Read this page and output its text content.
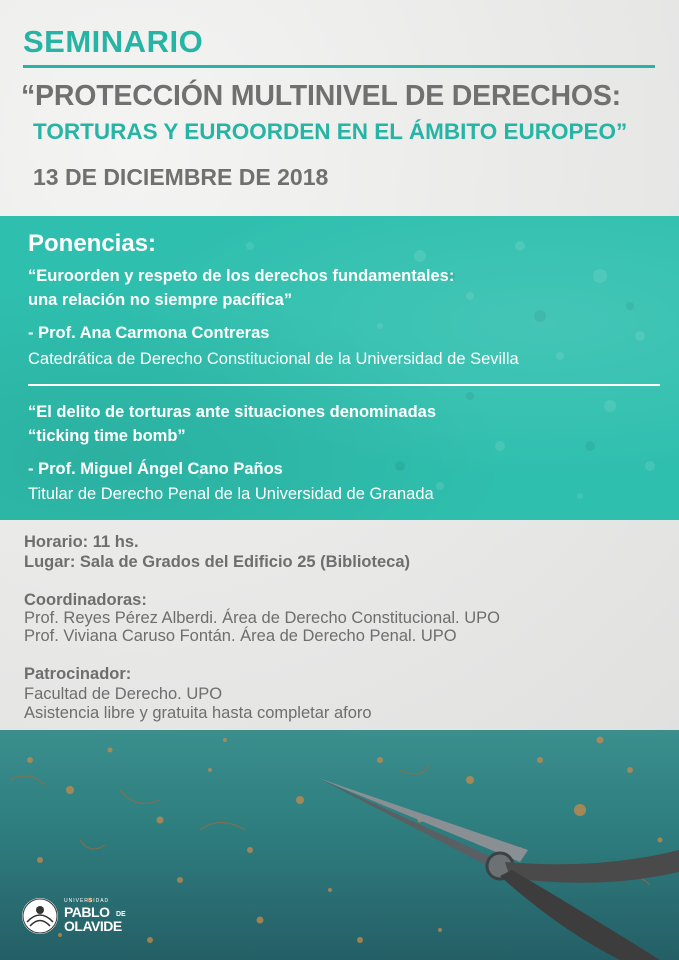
SEMINARIO
“PROTECCIÓN MULTINIVEL DE DERECHOS:
TORTURAS Y EUROORDEN EN EL ÁMBITO EUROPEO”
13 DE DICIEMBRE DE 2018
Ponencias:
“Euroorden y respeto de los derechos fundamentales:
una relación no siempre pacífica”
- Prof. Ana Carmona Contreras
Catedrática de Derecho Constitucional de la Universidad de Sevilla
“El delito de torturas ante situaciones denominadas
“ticking time bomb”
- Prof. Miguel Ángel Cano Paños
Titular de Derecho Penal de la Universidad de Granada
Horario: 11 hs.
Lugar: Sala de Grados del Edificio 25 (Biblioteca)
Coordinadoras:
Prof. Reyes Pérez Alberdi. Área de Derecho Constitucional. UPO
Prof. Viviana Caruso Fontán. Área de Derecho Penal. UPO
Patrocinador:
Facultad de Derecho. UPO
Asistencia libre y gratuita hasta completar aforo
UNIVERSIDAD
PABLO DE
OLAVIDE
